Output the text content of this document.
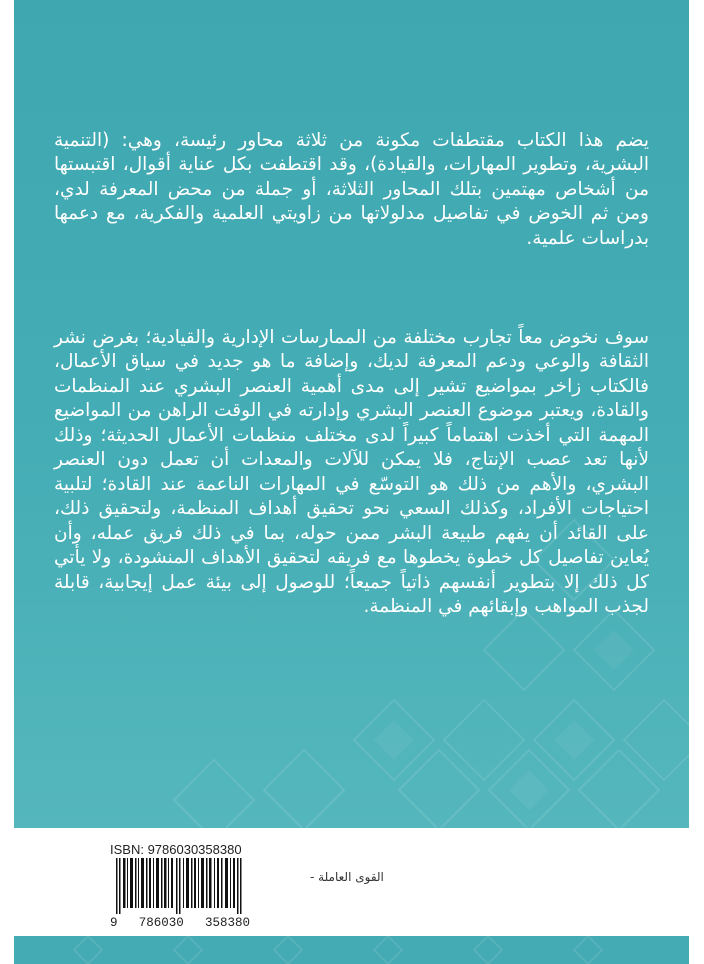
يضم هذا الكتاب مقتطفات مكونة من ثلاثة محاور رئيسة، وهي: (التنمية البشرية، وتطوير المهارات، والقيادة)، وقد اقتطفت بكل عناية أقوال، اقتبستها من أشخاص مهتمين بتلك المحاور الثلاثة، أو جملة من محض المعرفة لدي، ومن ثم الخوض في تفاصيل مدلولاتها من زاويتي العلمية والفكرية، مع دعمها بدراسات علمية.

سوف نخوض معاً تجارب مختلفة من الممارسات الإدارية والقيادية؛ بغرض نشر الثقافة والوعي ودعم المعرفة لديك، وإضافة ما هو جديد في سياق الأعمال، فالكتاب زاخر بمواضيع تشير إلى مدى أهمية العنصر البشري عند المنظمات والقادة، ويعتبر موضوع العنصر البشري وإدارته في الوقت الراهن من المواضيع المهمة التي أخذت اهتماماً كبيراً لدى مختلف منظمات الأعمال الحديثة؛ وذلك لأنها تعد عصب الإنتاج، فلا يمكن للآلات والمعدات أن تعمل دون العنصر البشري، والأهم من ذلك هو التوسّع في المهارات الناعمة عند القادة؛ لتلبية احتياجات الأفراد، وكذلك السعي نحو تحقيق أهداف المنظمة، ولتحقيق ذلك، على القائد أن يفهم طبيعة البشر ممن حوله، بما في ذلك فريق عمله، وأن يُعاين تفاصيل كل خطوة يخطوها مع فريقه لتحقيق الأهداف المنشودة، ولا يأتي كل ذلك إلا بتطوير أنفسهم ذاتياً جميعاً؛ للوصول إلى بيئة عمل إيجابية، قابلة لجذب المواهب وإبقائهم في المنظمة.

ISBN: 9786030358380
9 786030 358380
القوى العاملة -
